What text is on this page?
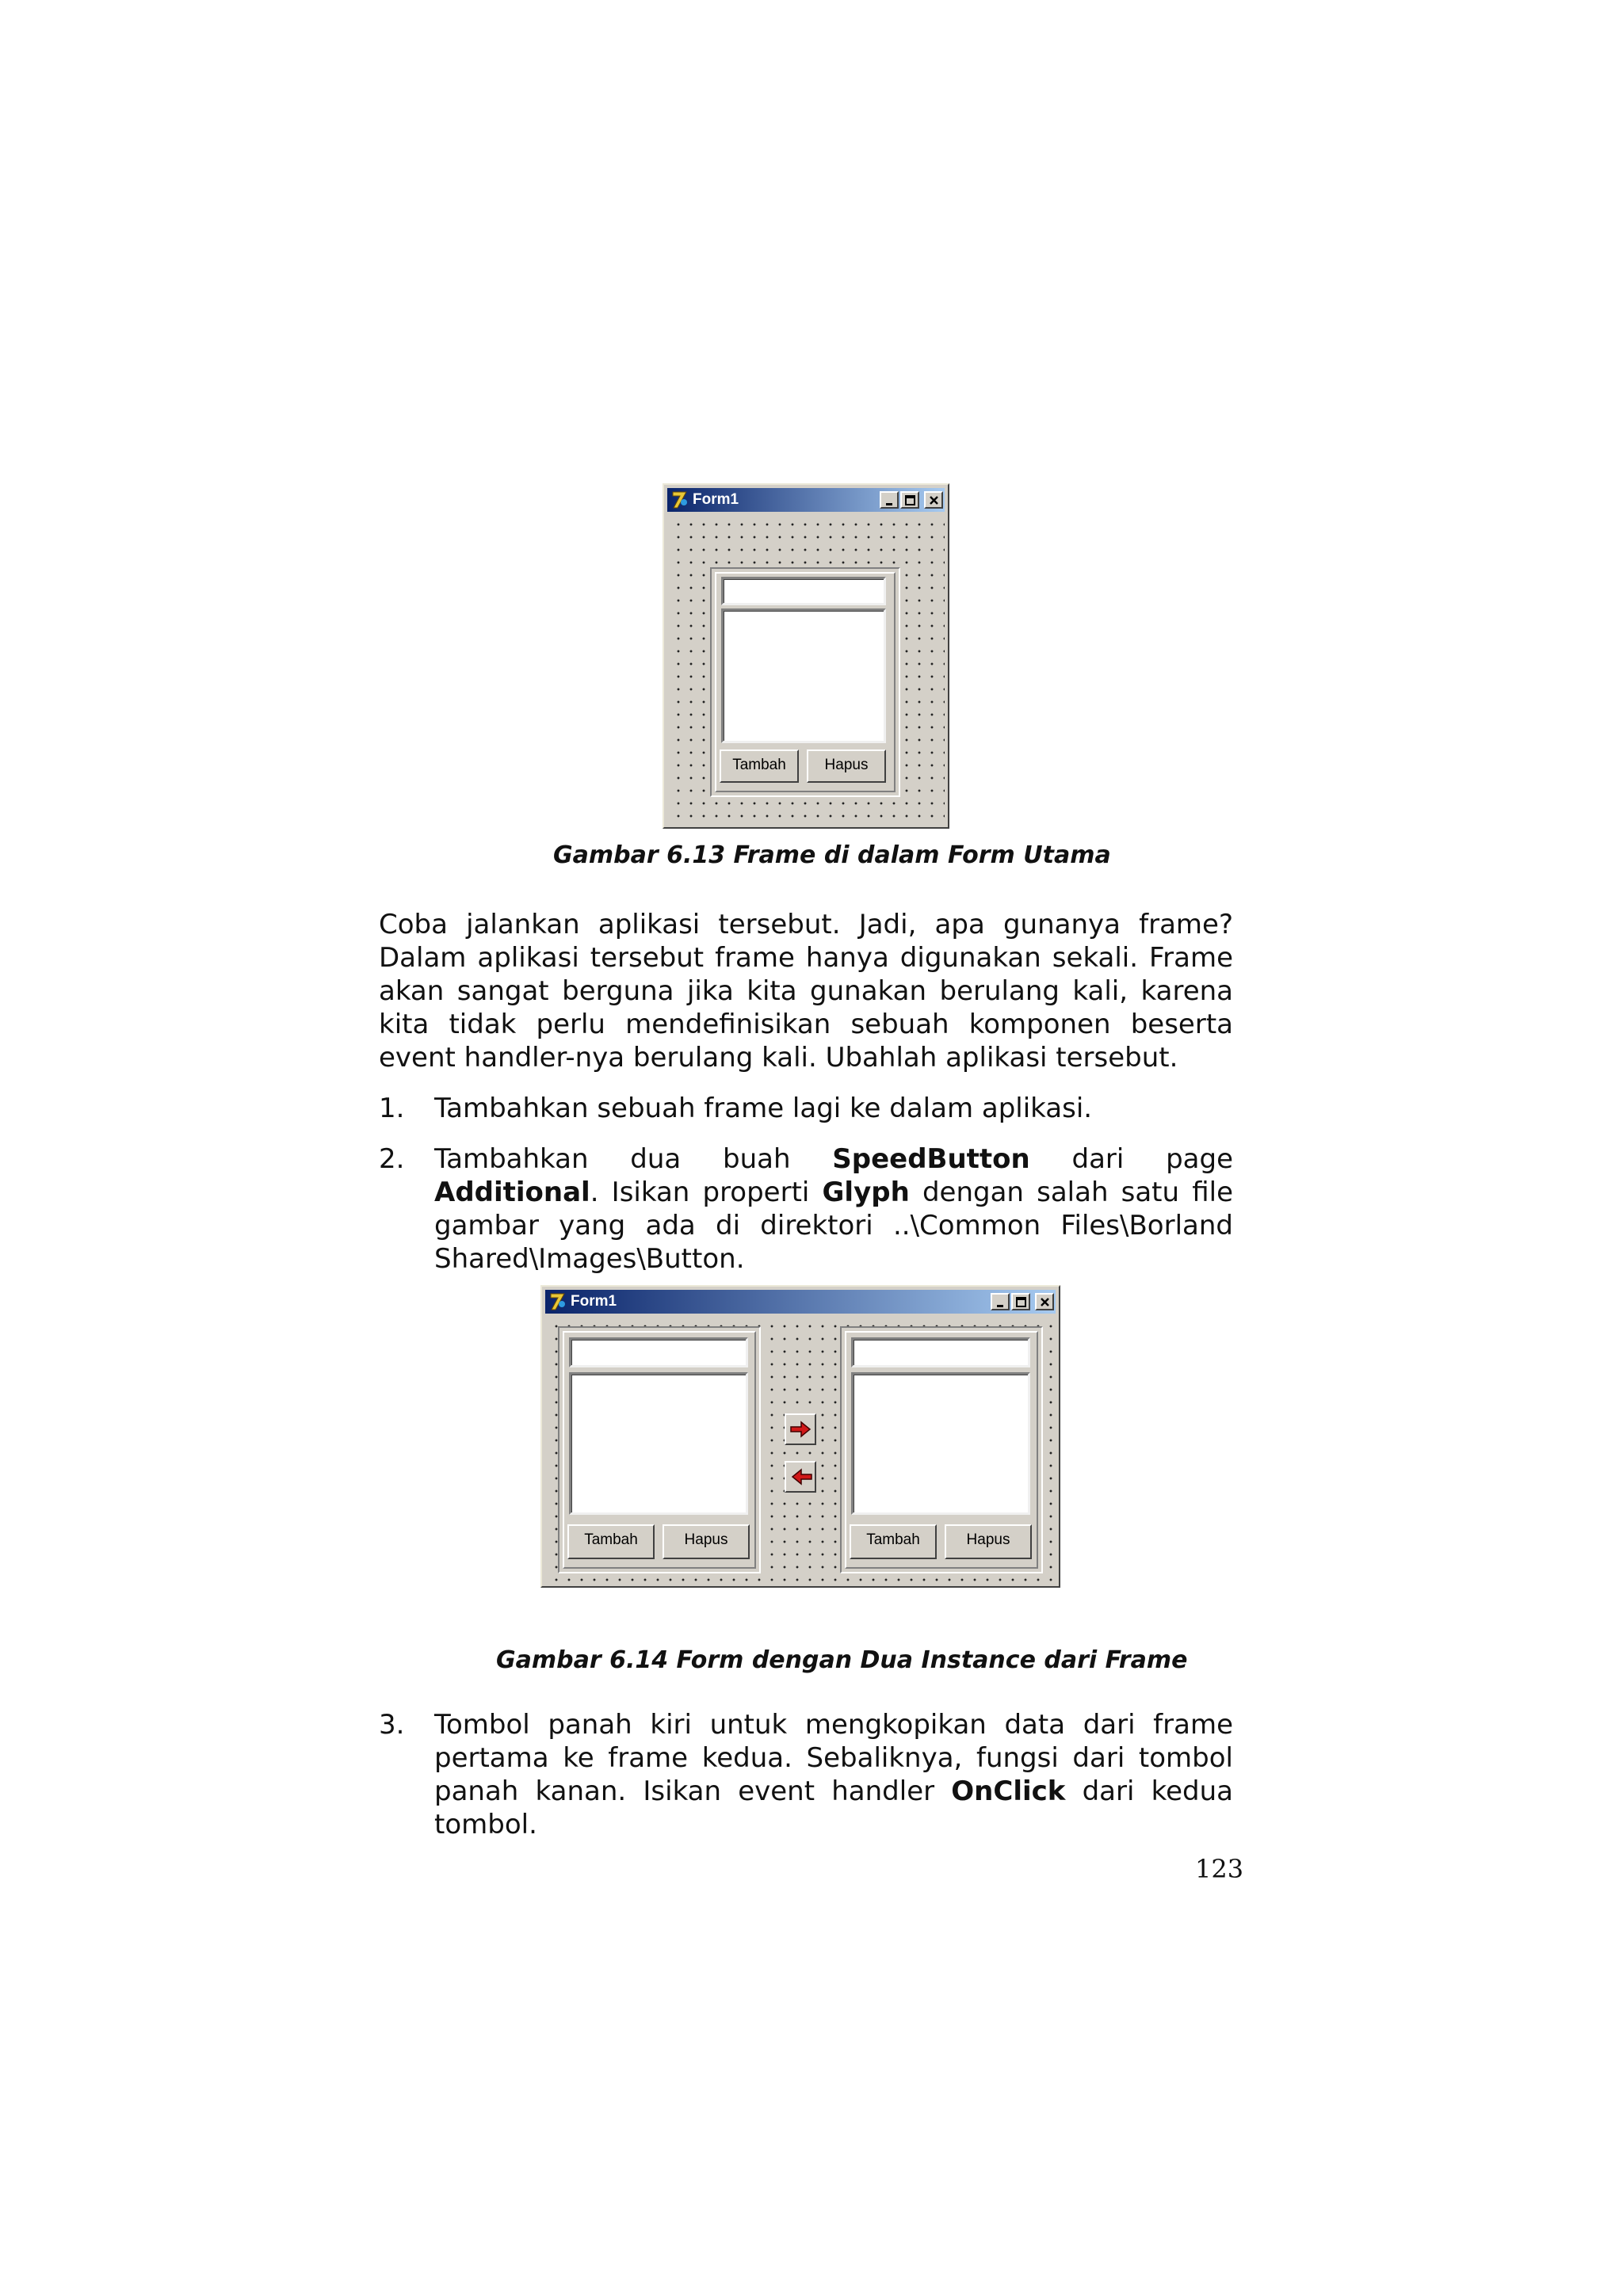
Form1
Tambah	Hapus
Gambar 6.13 Frame di dalam Form Utama
Coba jalankan aplikasi tersebut. Jadi, apa gunanya frame? Dalam aplikasi tersebut frame hanya digunakan sekali. Frame akan sangat berguna jika kita gunakan berulang kali, karena kita tidak perlu mendefinisikan sebuah komponen beserta event handler-nya berulang kali. Ubahlah aplikasi tersebut.
1. Tambahkan sebuah frame lagi ke dalam aplikasi.
2. Tambahkan dua buah SpeedButton dari page Additional. Isikan properti Glyph dengan salah satu file gambar yang ada di direktori ..\Common Files\Borland Shared\Images\Button.
Form1
Tambah	Hapus	Tambah	Hapus
Gambar 6.14 Form dengan Dua Instance dari Frame
3. Tombol panah kiri untuk mengkopikan data dari frame pertama ke frame kedua. Sebaliknya, fungsi dari tombol panah kanan. Isikan event handler OnClick dari kedua tombol.
123
